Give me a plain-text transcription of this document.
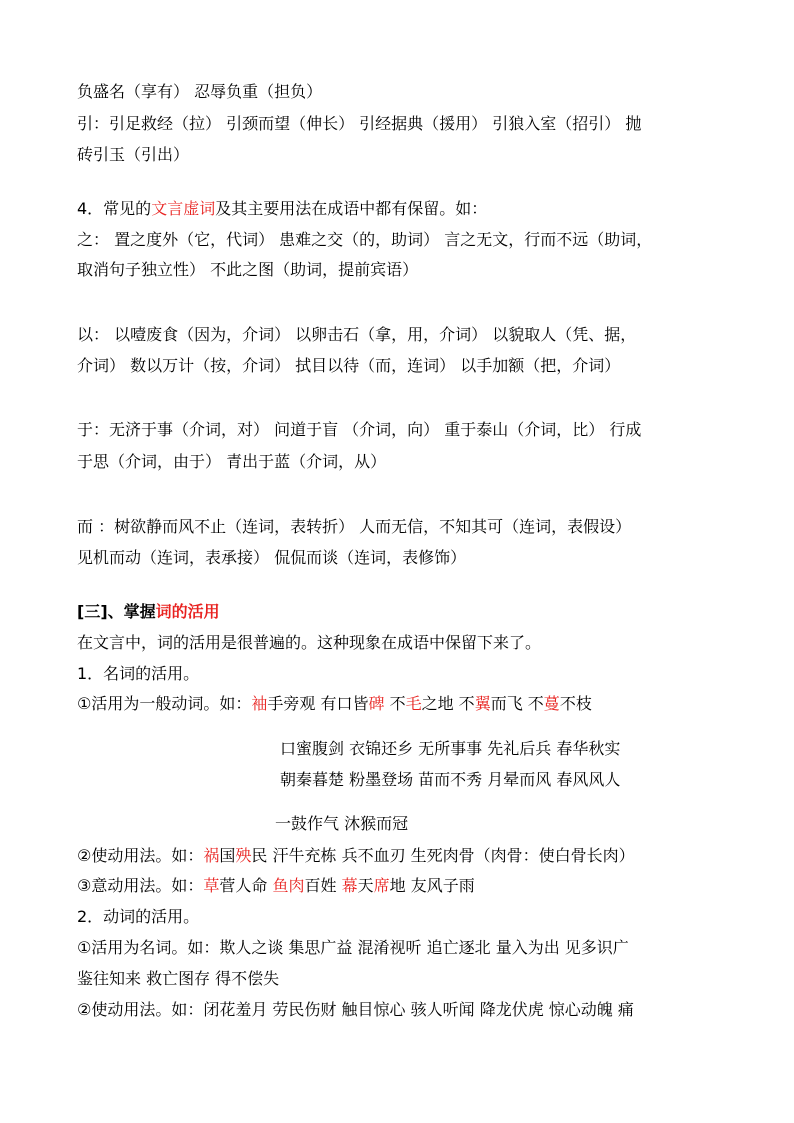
负盛名（享有） 忍辱负重（担负）
引：引足救经（拉） 引颈而望（伸长） 引经据典（援用） 引狼入室（招引） 抛
砖引玉（引出）
4．常见的文言虚词及其主要用法在成语中都有保留。如：
之： 置之度外（它，代词） 患难之交（的，助词） 言之无文，行而不远（助词，
取消句子独立性） 不此之图（助词，提前宾语）
以： 以噎废食（因为，介词） 以卵击石（拿，用，介词） 以貌取人（凭、据，
介词） 数以万计（按，介词） 拭目以待（而，连词） 以手加额（把，介词）
于：无济于事（介词，对） 问道于盲 （介词，向） 重于泰山（介词，比） 行成
于思（介词，由于） 青出于蓝（介词，从）
而 ：树欲静而风不止（连词，表转折） 人而无信，不知其可（连词，表假设）
见机而动（连词，表承接） 侃侃而谈（连词，表修饰）
[三]、掌握词的活用
在文言中，词的活用是很普遍的。这种现象在成语中保留下来了。
1．名词的活用。
①活用为一般动词。如：袖手旁观 有口皆碑 不毛之地 不翼而飞 不蔓不枝
口蜜腹剑 衣锦还乡 无所事事 先礼后兵 春华秋实
朝秦暮楚 粉墨登场 苗而不秀 月晕而风 春风风人
一鼓作气 沐猴而冠
②使动用法。如：祸国殃民 汗牛充栋 兵不血刃 生死肉骨（肉骨：使白骨长肉）
③意动用法。如：草菅人命 鱼肉百姓 幕天席地 友风子雨
2．动词的活用。
①活用为名词。如：欺人之谈 集思广益 混淆视听 追亡逐北 量入为出 见多识广
鉴往知来 救亡图存 得不偿失
②使动用法。如：闭花羞月 劳民伤财 触目惊心 骇人听闻 降龙伏虎 惊心动魄 痛
